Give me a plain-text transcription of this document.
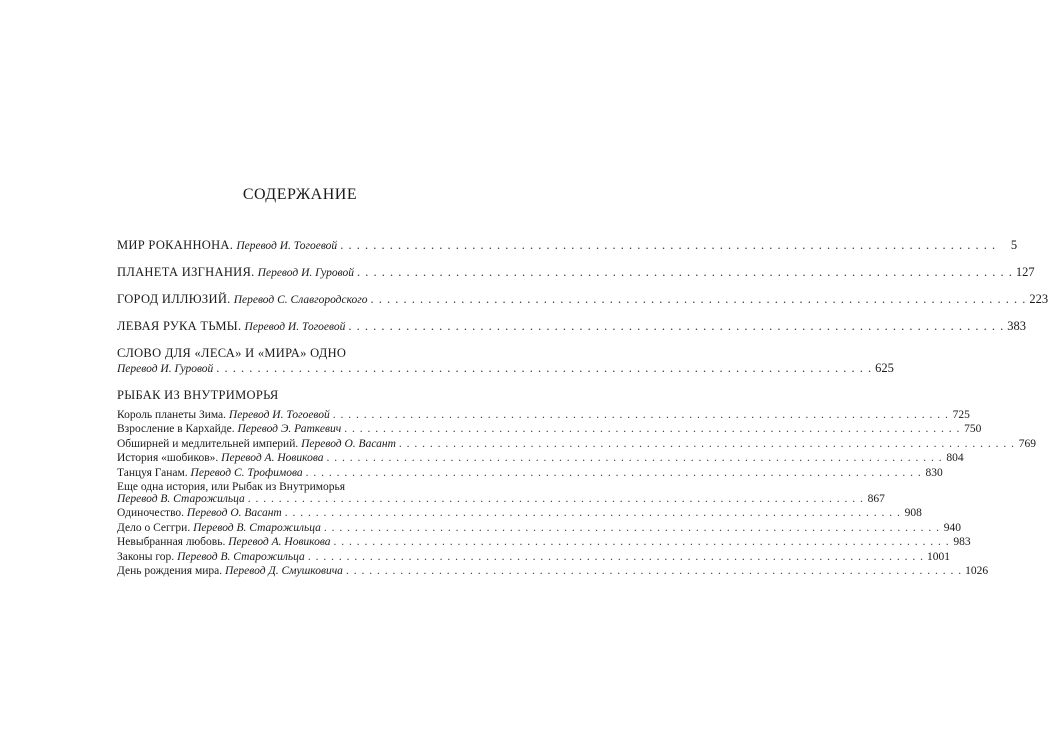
СОДЕРЖАНИЕ
МИР РОКАННОНА. Перевод И. Тогоевой . . .	5
ПЛАНЕТА ИЗГНАНИЯ. Перевод И. Гуровой . . .	127
ГОРОД ИЛЛЮЗИЙ. Перевод С. Славгородского . . .	223
ЛЕВАЯ РУКА ТЬМЫ. Перевод И. Тогоевой . . .	383
СЛОВО ДЛЯ «ЛЕСА» И «МИРА» ОДНО
Перевод И. Гуровой . . .	625
РЫБАК ИЗ ВНУТРИМОРЬЯ
Король планеты Зима. Перевод И. Тогоевой . . .	725
Взросление в Кархайде. Перевод Э. Раткевич . . .	750
Обширней и медлительней империй. Перевод О. Васант . . .	769
История «шобиков». Перевод А. Новикова . . .	804
Танцуя Ганам. Перевод С. Трофимова . . .	830
Еще одна история, или Рыбак из Внутриморья
Перевод В. Старожильца . . .	867
Одиночество. Перевод О. Васант . . .	908
Дело о Сеггри. Перевод В. Старожильца . . .	940
Невыбранная любовь. Перевод А. Новикова . . .	983
Законы гор. Перевод В. Старожильца . . .	1001
День рождения мира. Перевод Д. Смушковича . . .	1026
